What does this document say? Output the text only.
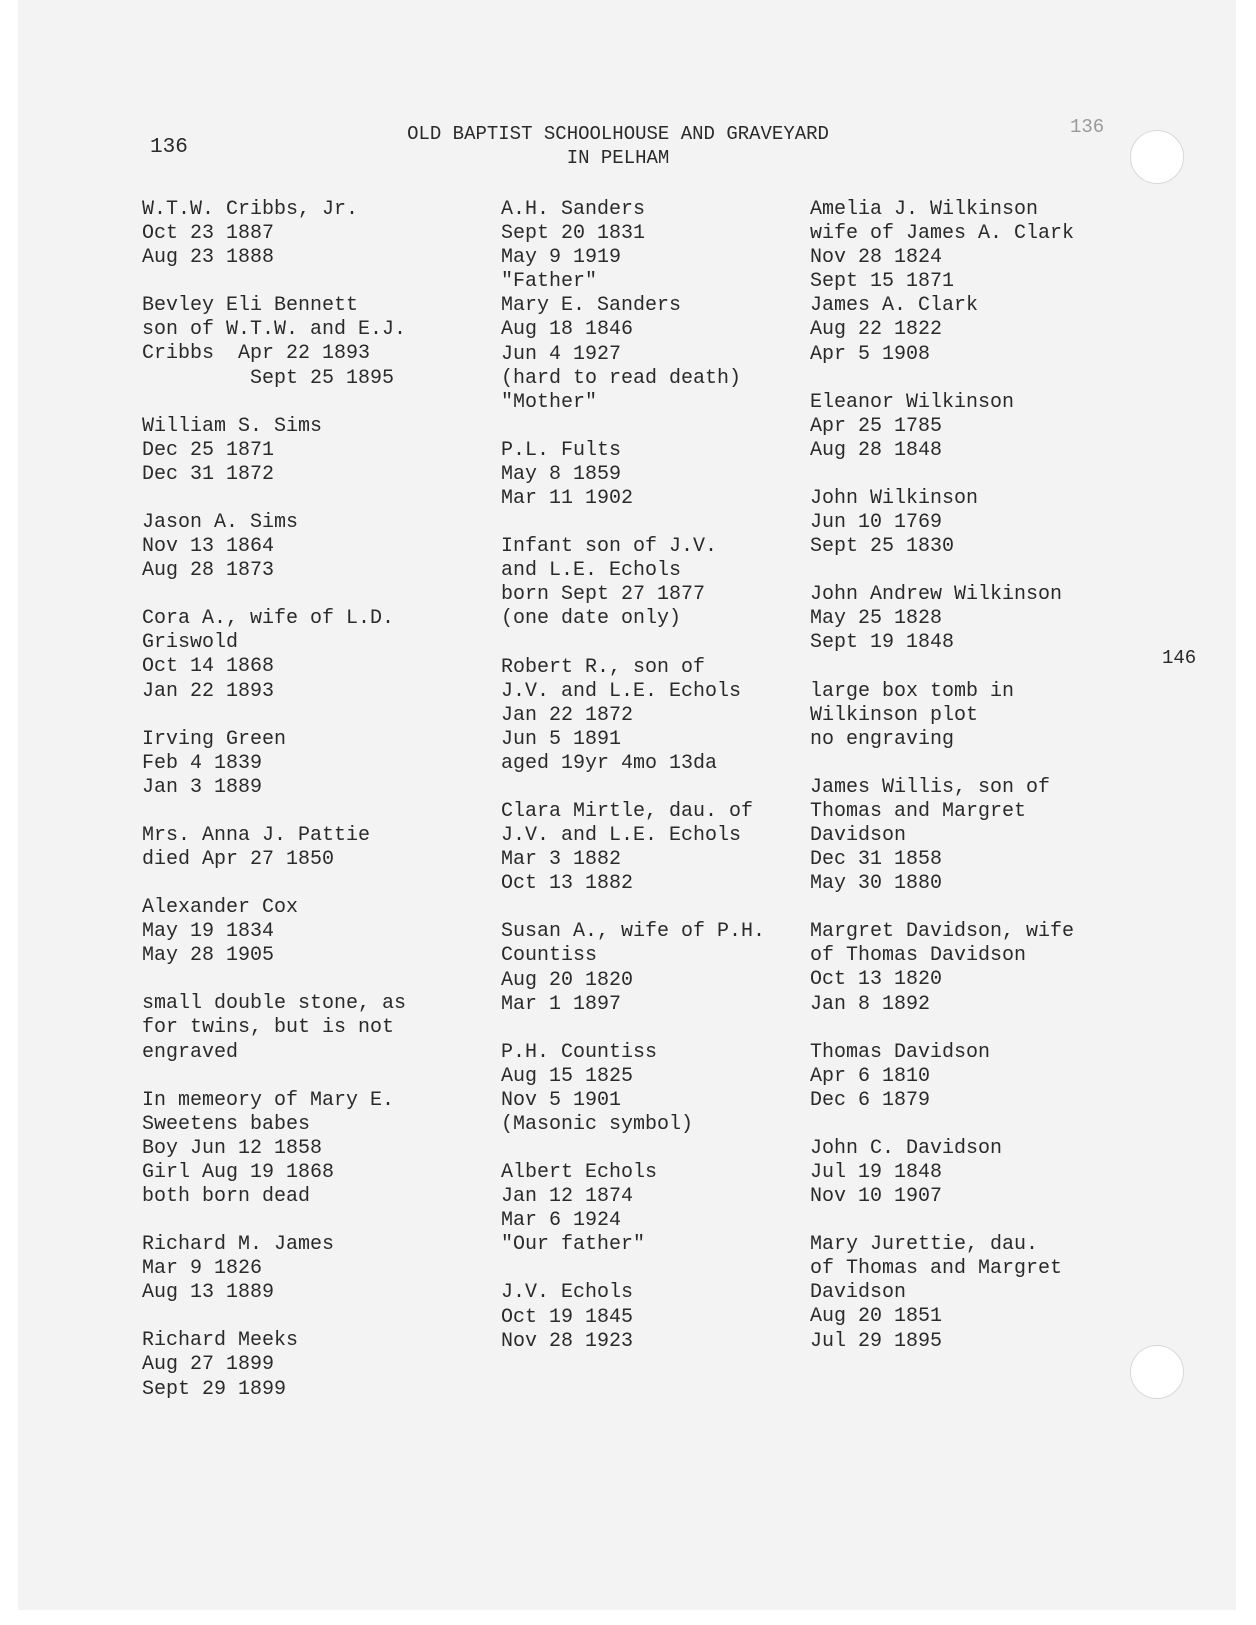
136
136
146
OLD BAPTIST SCHOOLHOUSE AND GRAVEYARD
IN PELHAM
W.T.W. Cribbs, Jr.
Oct 23 1887
Aug 23 1888
Bevley Eli Bennett
son of W.T.W. and E.J.
Cribbs  Apr 22 1893
Sept 25 1895
William S. Sims
Dec 25 1871
Dec 31 1872
Jason A. Sims
Nov 13 1864
Aug 28 1873
Cora A., wife of L.D.
Griswold
Oct 14 1868
Jan 22 1893
Irving Green
Feb 4 1839
Jan 3 1889
Mrs. Anna J. Pattie
died Apr 27 1850
Alexander Cox
May 19 1834
May 28 1905
small double stone, as
for twins, but is not
engraved
In memeory of Mary E.
Sweetens babes
Boy Jun 12 1858
Girl Aug 19 1868
both born dead
Richard M. James
Mar 9 1826
Aug 13 1889
Richard Meeks
Aug 27 1899
Sept 29 1899
A.H. Sanders
Sept 20 1831
May 9 1919
"Father"
Mary E. Sanders
Aug 18 1846
Jun 4 1927
(hard to read death)
"Mother"
P.L. Fults
May 8 1859
Mar 11 1902
Infant son of J.V.
and L.E. Echols
born Sept 27 1877
(one date only)
Robert R., son of
J.V. and L.E. Echols
Jan 22 1872
Jun 5 1891
aged 19yr 4mo 13da
Clara Mirtle, dau. of
J.V. and L.E. Echols
Mar 3 1882
Oct 13 1882
Susan A., wife of P.H.
Countiss
Aug 20 1820
Mar 1 1897
P.H. Countiss
Aug 15 1825
Nov 5 1901
(Masonic symbol)
Albert Echols
Jan 12 1874
Mar 6 1924
"Our father"
J.V. Echols
Oct 19 1845
Nov 28 1923
Amelia J. Wilkinson
wife of James A. Clark
Nov 28 1824
Sept 15 1871
James A. Clark
Aug 22 1822
Apr 5 1908
Eleanor Wilkinson
Apr 25 1785
Aug 28 1848
John Wilkinson
Jun 10 1769
Sept 25 1830
John Andrew Wilkinson
May 25 1828
Sept 19 1848
large box tomb in
Wilkinson plot
no engraving
James Willis, son of
Thomas and Margret
Davidson
Dec 31 1858
May 30 1880
Margret Davidson, wife
of Thomas Davidson
Oct 13 1820
Jan 8 1892
Thomas Davidson
Apr 6 1810
Dec 6 1879
John C. Davidson
Jul 19 1848
Nov 10 1907
Mary Jurettie, dau.
of Thomas and Margret
Davidson
Aug 20 1851
Jul 29 1895
